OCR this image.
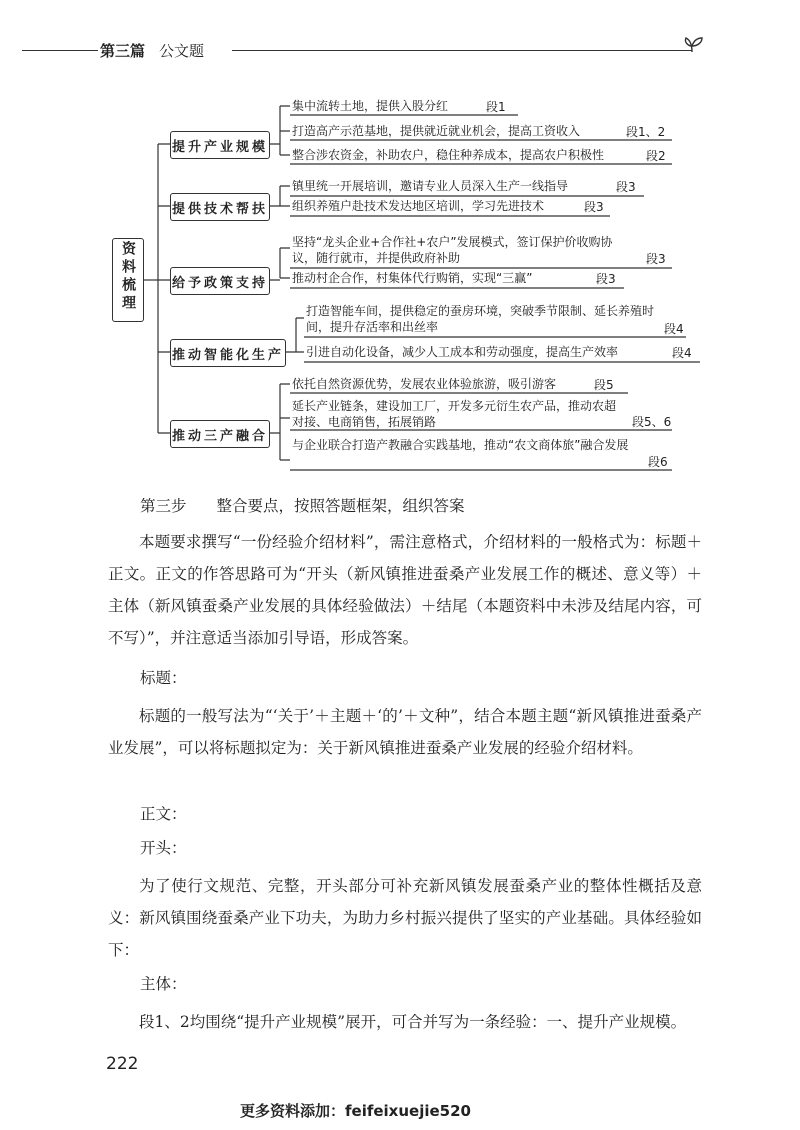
第三篇 公文题
资料梳理
提升产业规模
提供技术帮扶
给予政策支持
推动智能化生产
推动三产融合
集中流转土地，提供入股分红	段1
打造高产示范基地，提供就近就业机会，提高工资收入	段1、2
整合涉农资金，补助农户，稳住种养成本，提高农户积极性	段2
镇里统一开展培训，邀请专业人员深入生产一线指导	段3
组织养殖户赴技术发达地区培训，学习先进技术	段3
坚持“龙头企业+合作社+农户”发展模式，签订保护价收购协议，随行就市，并提供政府补助	段3
推动村企合作，村集体代行购销，实现“三赢”	段3
打造智能车间，提供稳定的蚕房环境，突破季节限制、延长养殖时间，提升存活率和出丝率	段4
引进自动化设备，减少人工成本和劳动强度，提高生产效率	段4
依托自然资源优势，发展农业体验旅游，吸引游客	段5
延长产业链条，建设加工厂，开发多元衍生农产品，推动农超对接、电商销售，拓展销路	段5、6
与企业联合打造产教融合实践基地，推动“农文商体旅”融合发展
段6
第三步 整合要点，按照答题框架，组织答案
本题要求撰写“一份经验介绍材料”，需注意格式，介绍材料的一般格式为：标题＋正文。正文的作答思路可为“开头（新风镇推进蚕桑产业发展工作的概述、意义等）＋主体（新风镇蚕桑产业发展的具体经验做法）＋结尾（本题资料中未涉及结尾内容，可不写）”，并注意适当添加引导语，形成答案。
标题：
标题的一般写法为“‘关于’＋主题＋‘的’＋文种”，结合本题主题“新风镇推进蚕桑产业发展”，可以将标题拟定为：关于新风镇推进蚕桑产业发展的经验介绍材料。
正文：
开头：
为了使行文规范、完整，开头部分可补充新风镇发展蚕桑产业的整体性概括及意义：新风镇围绕蚕桑产业下功夫，为助力乡村振兴提供了坚实的产业基础。具体经验如下：
主体：
段1、2均围绕“提升产业规模”展开，可合并写为一条经验：一、提升产业规模。
222
更多资料添加：feifeixuejie520
